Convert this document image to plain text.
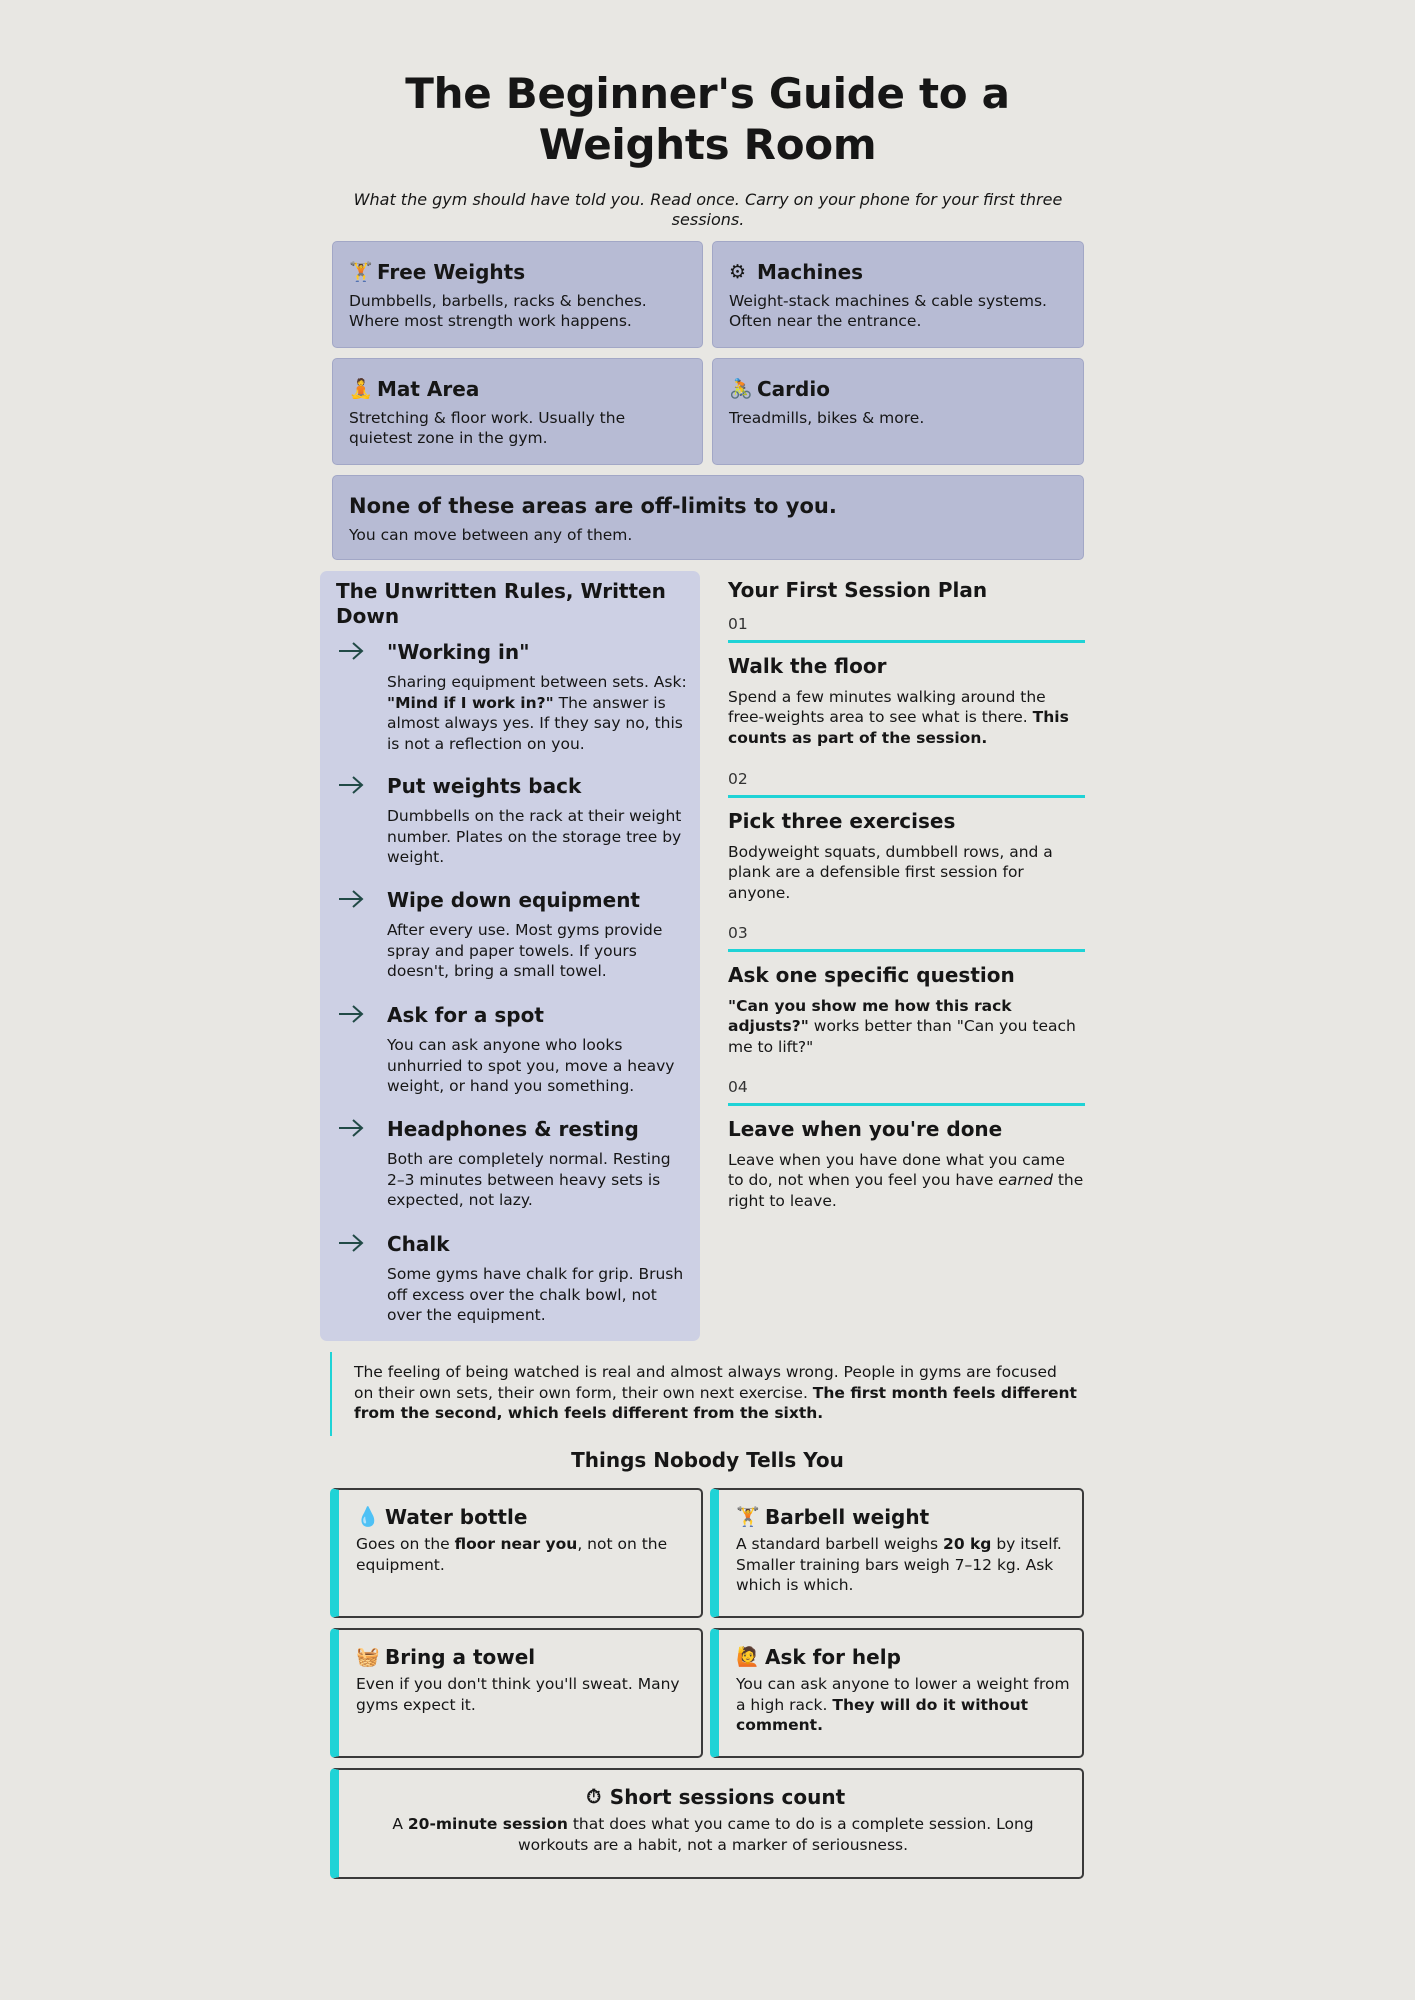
The Beginner's Guide to a Weights Room

What the gym should have told you. Read once. Carry on your phone for your first three sessions.

🏋 Free Weights
Dumbbells, barbells, racks & benches. Where most strength work happens.
⚙ Machines
Weight-stack machines & cable systems. Often near the entrance.
🧘 Mat Area
Stretching & floor work. Usually the quietest zone in the gym.
🚴 Cardio
Treadmills, bikes & more.
None of these areas are off-limits to you.
You can move between any of them.
The Unwritten Rules, Written Down
"Working in"
Sharing equipment between sets. Ask: "Mind if I work in?" The answer is almost always yes. If they say no, this is not a reflection on you.
Put weights back
Dumbbells on the rack at their weight number. Plates on the storage tree by weight.
Wipe down equipment
After every use. Most gyms provide spray and paper towels. If yours doesn't, bring a small towel.
Ask for a spot
You can ask anyone who looks unhurried to spot you, move a heavy weight, or hand you something.
Headphones & resting
Both are completely normal. Resting 2–3 minutes between heavy sets is expected, not lazy.
Chalk
Some gyms have chalk for grip. Brush off excess over the chalk bowl, not over the equipment.
Your First Session Plan
01
Walk the floor
Spend a few minutes walking around the free-weights area to see what is there. This counts as part of the session.
02
Pick three exercises
Bodyweight squats, dumbbell rows, and a plank are a defensible first session for anyone.
03
Ask one specific question
"Can you show me how this rack adjusts?" works better than "Can you teach me to lift?"
04
Leave when you're done
Leave when you have done what you came to do, not when you feel you have earned the right to leave.
The feeling of being watched is real and almost always wrong. People in gyms are focused on their own sets, their own form, their own next exercise. The first month feels different from the second, which feels different from the sixth.
Things Nobody Tells You
💧 Water bottle
Goes on the floor near you, not on the equipment.
🏋 Barbell weight
A standard barbell weighs 20 kg by itself. Smaller training bars weigh 7–12 kg. Ask which is which.
🧺 Bring a towel
Even if you don't think you'll sweat. Many gyms expect it.
🙋 Ask for help
You can ask anyone to lower a weight from a high rack. They will do it without comment.
⏱ Short sessions count
A 20-minute session that does what you came to do is a complete session. Long workouts are a habit, not a marker of seriousness.
